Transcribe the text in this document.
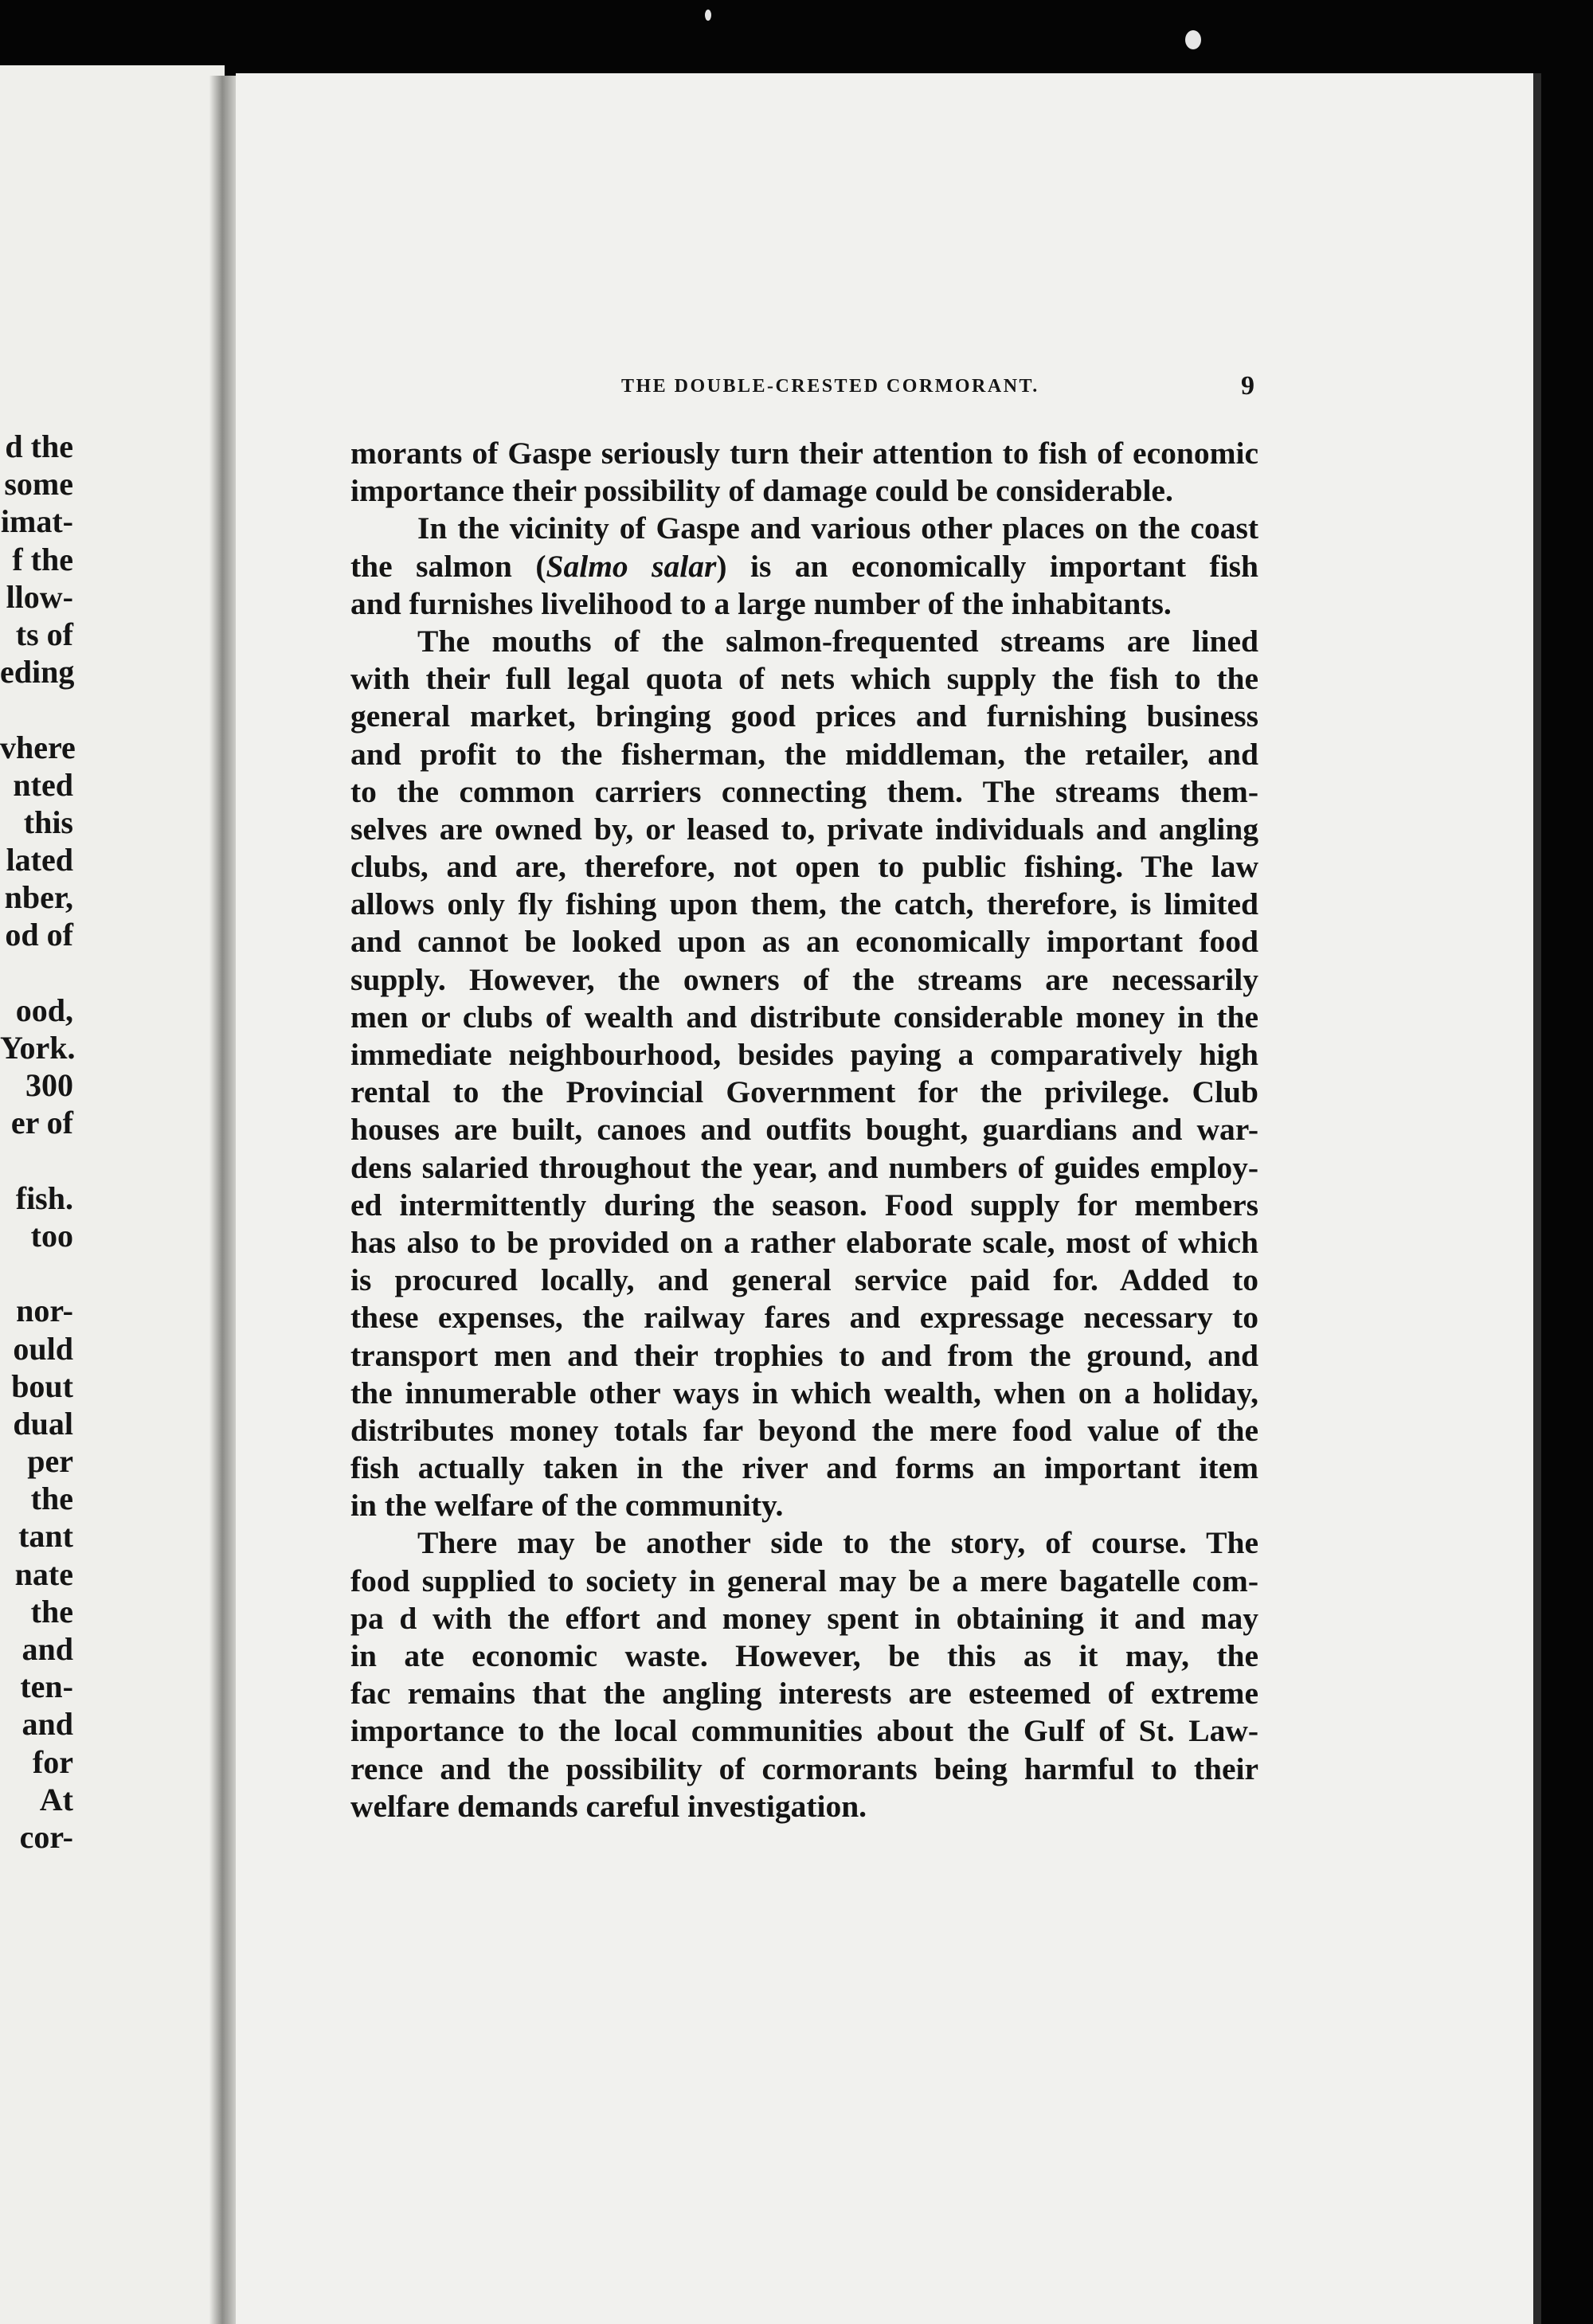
d the
some
imat-
f the
llow-
ts of
eding
vhere
nted
this
lated
nber,
od of
ood,
York.
300
er of
fish.
too
nor-
ould
bout
dual
per
the
tant
nate
the
and
ten-
and
for
At
cor-
THE DOUBLE-CRESTED CORMORANT.	9
morants of Gaspe seriously turn their attention to fish of economic
importance their possibility of damage could be considerable.
In the vicinity of Gaspe and various other places on the coast
the salmon (Salmo salar) is an economically important fish
and furnishes livelihood to a large number of the inhabitants.
The mouths of the salmon-frequented streams are lined
with their full legal quota of nets which supply the fish to the
general market, bringing good prices and furnishing business
and profit to the fisherman, the middleman, the retailer, and
to the common carriers connecting them. The streams them-
selves are owned by, or leased to, private individuals and angling
clubs, and are, therefore, not open to public fishing. The law
allows only fly fishing upon them, the catch, therefore, is limited
and cannot be looked upon as an economically important food
supply. However, the owners of the streams are necessarily
men or clubs of wealth and distribute considerable money in the
immediate neighbourhood, besides paying a comparatively high
rental to the Provincial Government for the privilege. Club
houses are built, canoes and outfits bought, guardians and war-
dens salaried throughout the year, and numbers of guides employ-
ed intermittently during the season. Food supply for members
has also to be provided on a rather elaborate scale, most of which
is procured locally, and general service paid for. Added to
these expenses, the railway fares and expressage necessary to
transport men and their trophies to and from the ground, and
the innumerable other ways in which wealth, when on a holiday,
distributes money totals far beyond the mere food value of the
fish actually taken in the river and forms an important item
in the welfare of the community.
There may be another side to the story, of course. The
food supplied to society in general may be a mere bagatelle com-
pa d with the effort and money spent in obtaining it and may
in ate economic waste. However, be this as it may, the
fac remains that the angling interests are esteemed of extreme
importance to the local communities about the Gulf of St. Law-
rence and the possibility of cormorants being harmful to their
welfare demands careful investigation.
